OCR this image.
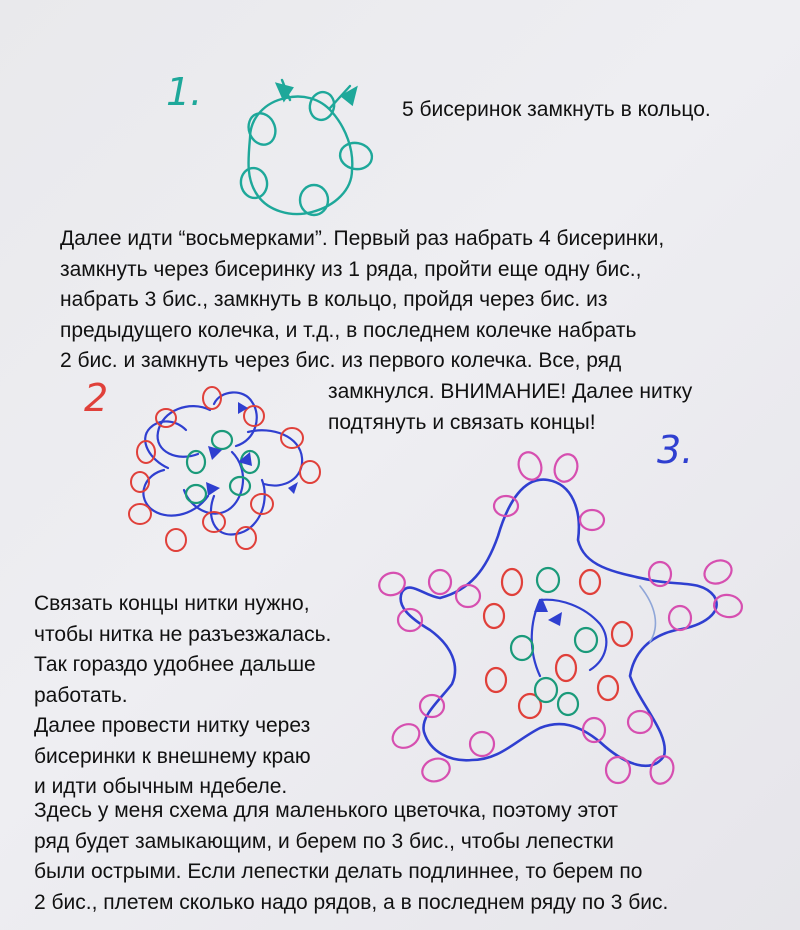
1.
2
3.

5 бисеринок замкнуть в кольцо.

Далее идти “восьмерками”. Первый раз набрать 4 бисеринки,
замкнуть через бисеринку из 1 ряда, пройти еще одну бис.,
набрать 3 бис., замкнуть в кольцо, пройдя через бис. из
предыдущего колечка, и т.д., в последнем колечке набрать
2 бис. и замкнуть через бис. из первого колечка. Все, ряд
замкнулся. ВНИМАНИЕ! Далее нитку
подтянуть и связать концы!
Связать концы нитки нужно,
чтобы нитка не разъезжалась.
Так гораздо удобнее дальше
работать.
Далее провести нитку через
бисеринки к внешнему краю
и идти обычным ндебеле.
Здесь у меня схема для маленького цветочка, поэтому этот
ряд будет замыкающим, и берем по 3 бис., чтобы лепестки
были острыми. Если лепестки делать подлиннее, то берем по
2 бис., плетем сколько надо рядов, а в последнем ряду по 3 бис.
